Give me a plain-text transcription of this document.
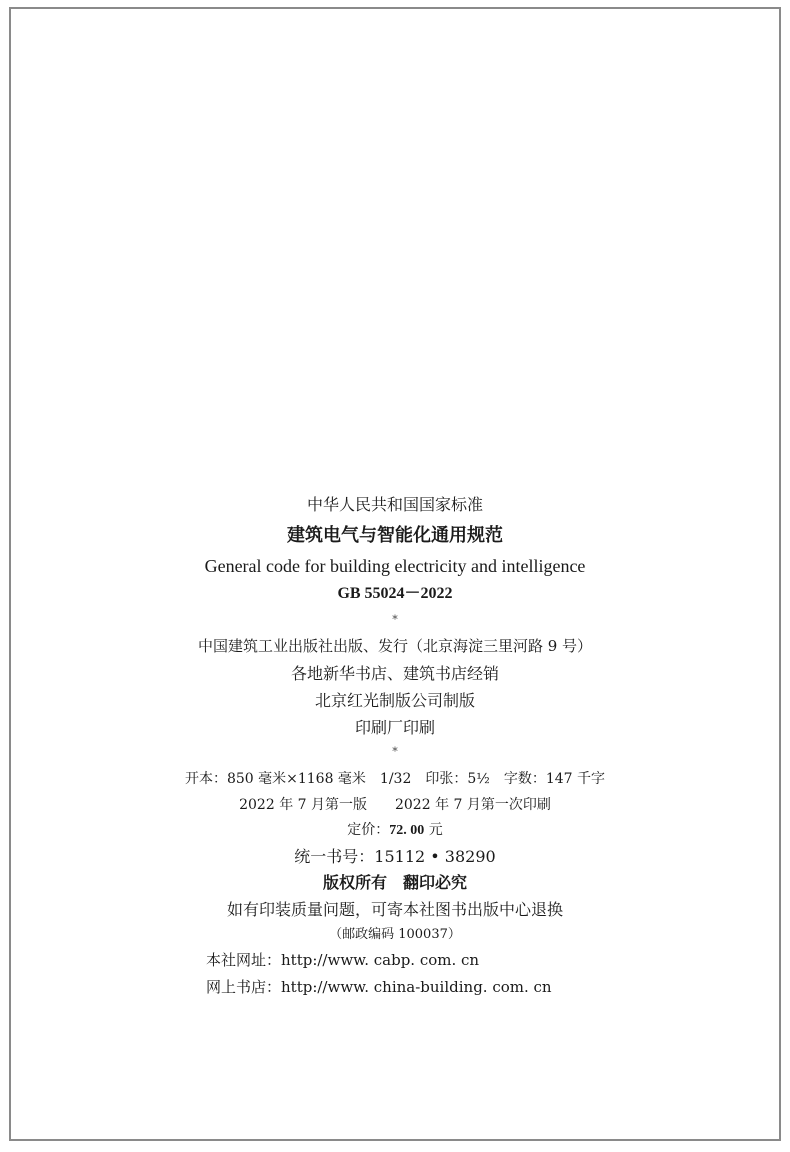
中华人民共和国国家标准
建筑电气与智能化通用规范
General code for building electricity and intelligence
GB 55024－2022
*
中国建筑工业出版社出版、发行（北京海淀三里河路 9 号）
各地新华书店、建筑书店经销
北京红光制版公司制版
印刷厂印刷
*
开本：850 毫米×1168 毫米　1/32　印张：5½　字数：147 千字
2022 年 7 月第一版　　2022 年 7 月第一次印刷
定价：72. 00 元
统一书号：15112 • 38290
版权所有　翻印必究
如有印装质量问题，可寄本社图书出版中心退换
（邮政编码 100037）
本社网址：http://www. cabp. com. cn
网上书店：http://www. china-building. com. cn
